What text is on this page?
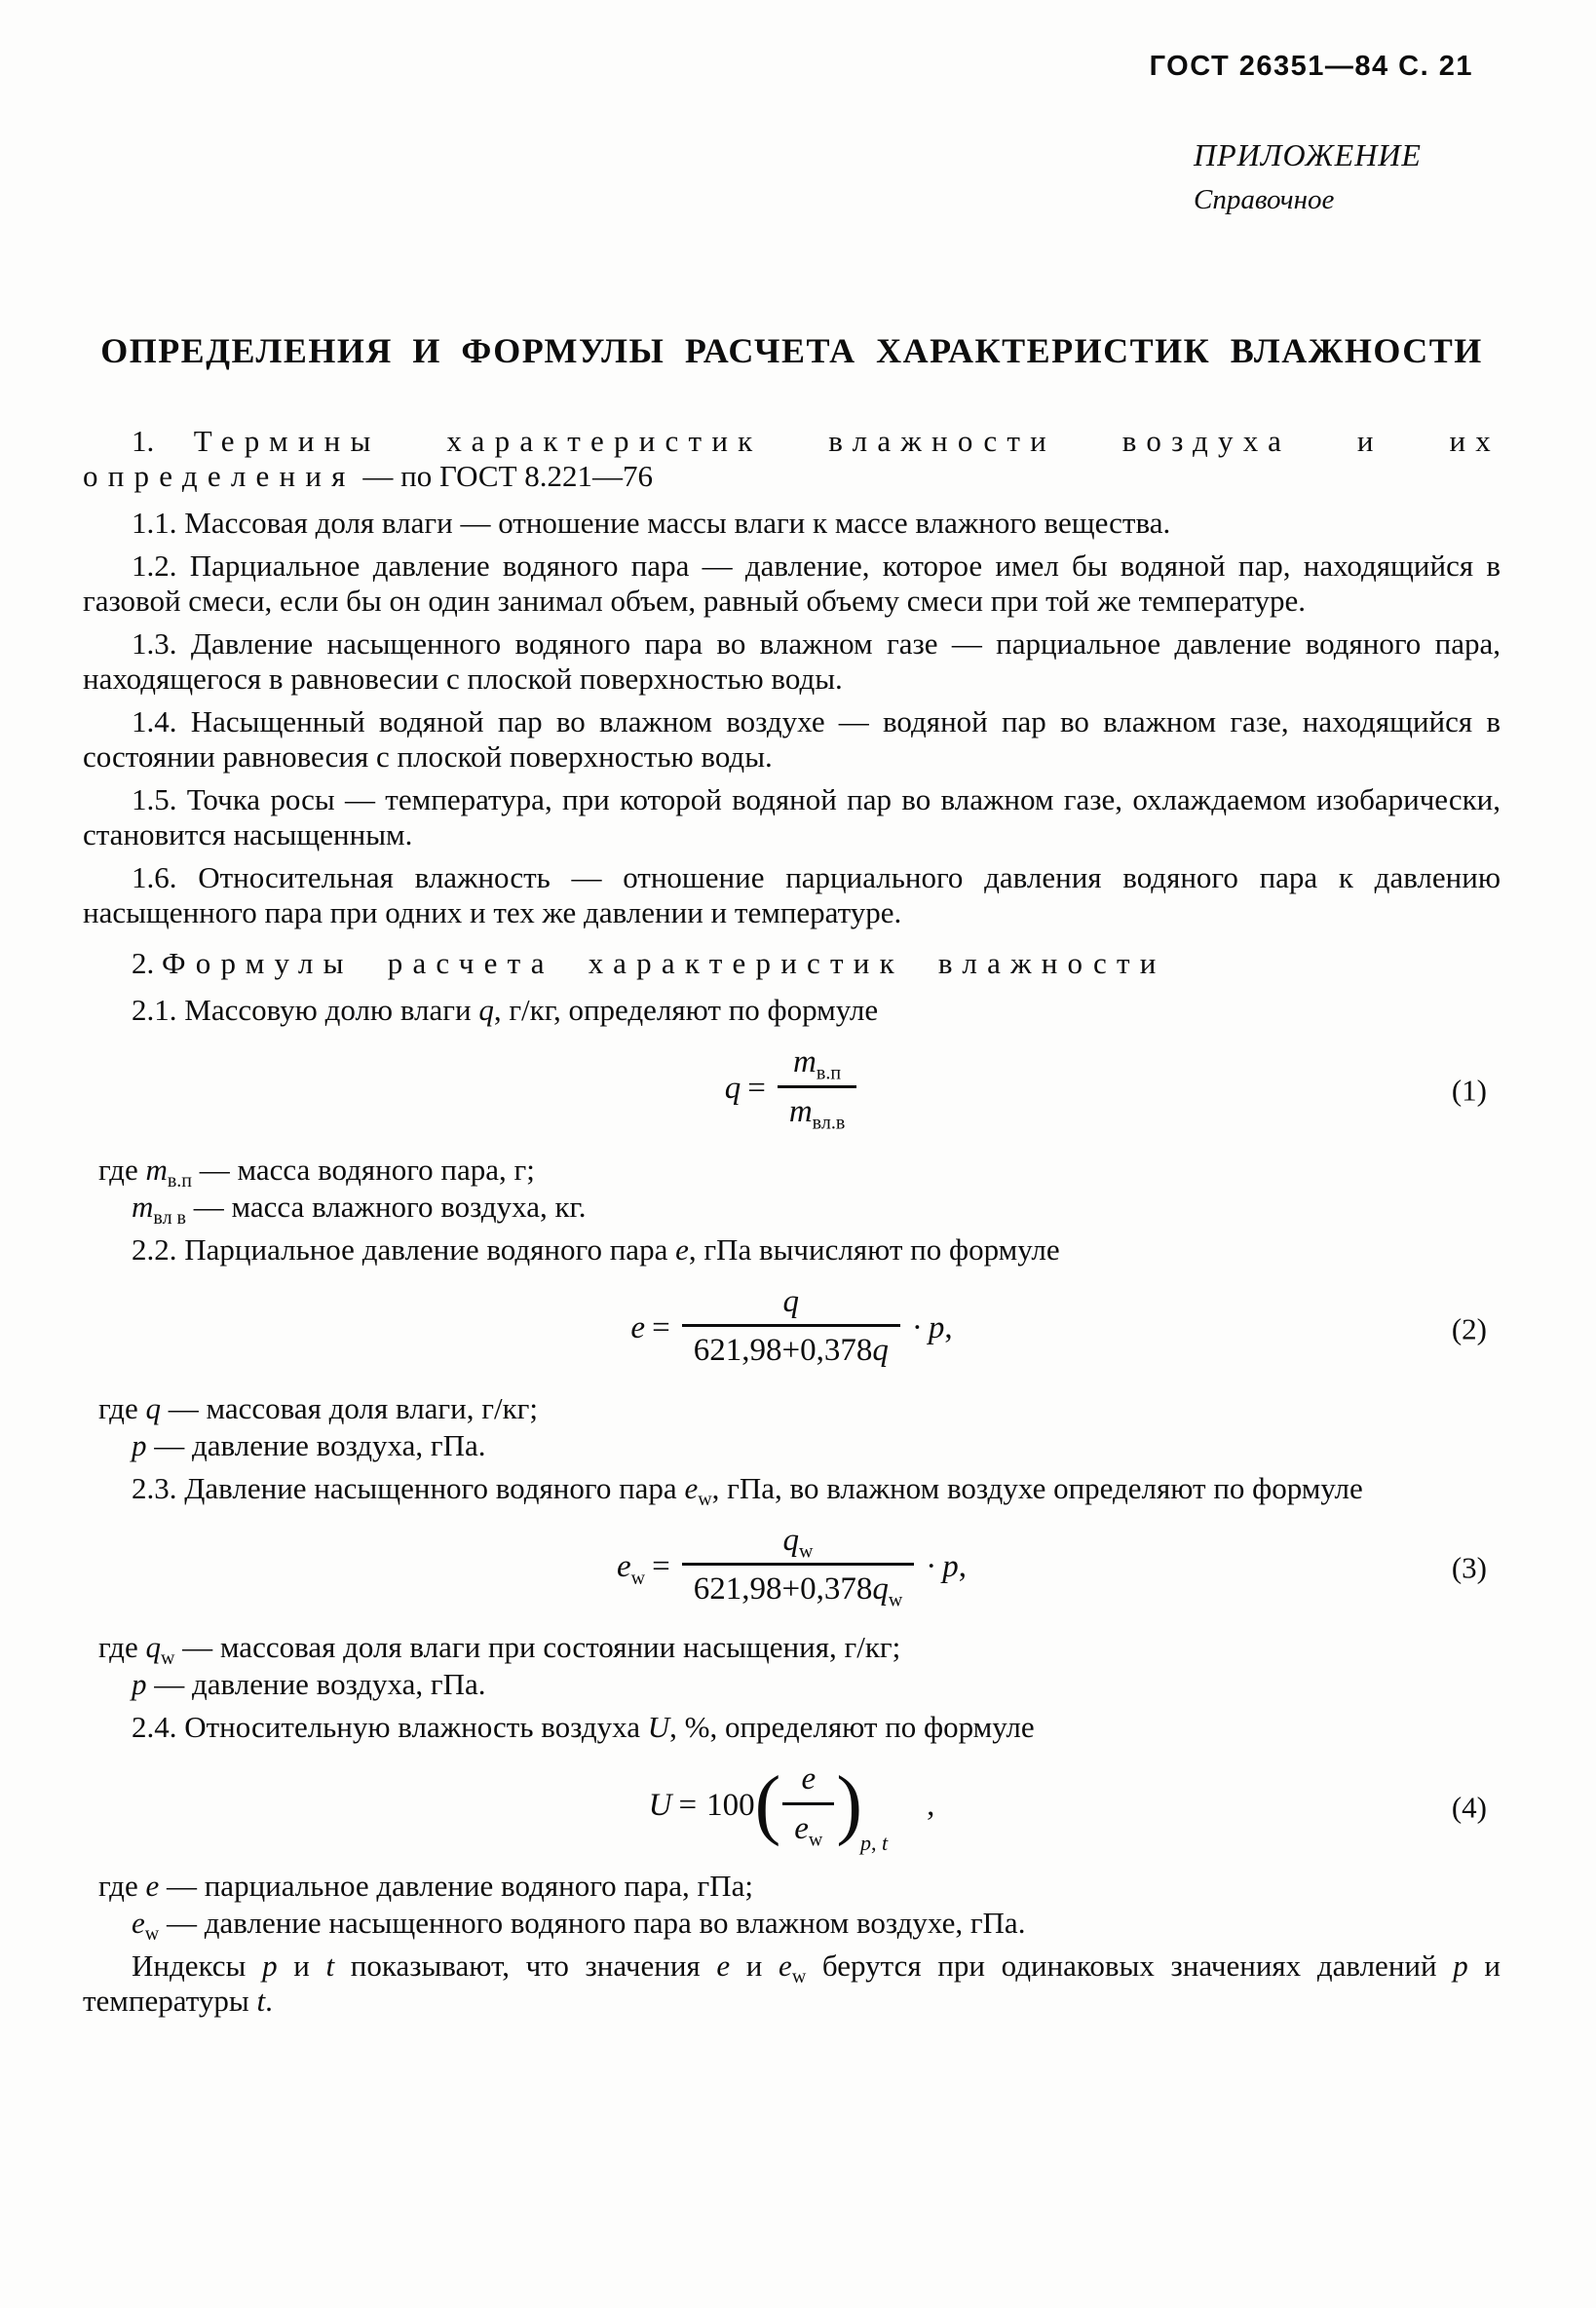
ГОСТ 26351—84 С. 21
ПРИЛОЖЕНИЕ
Справочное
ОПРЕДЕЛЕНИЯ И ФОРМУЛЫ РАСЧЕТА ХАРАКТЕРИСТИК ВЛАЖНОСТИ

1. Термины характеристик влажности воздуха и их определения — по ГОСТ 8.221—76

1.1. Массовая доля влаги — отношение массы влаги к массе влажного вещества.

1.2. Парциальное давление водяного пара — давление, которое имел бы водяной пар, находящийся в газовой смеси, если бы он один занимал объем, равный объему смеси при той же температуре.

1.3. Давление насыщенного водяного пара во влажном газе — парциальное давление водяного пара, находящегося в равновесии с плоской поверхностью воды.

1.4. Насыщенный водяной пар во влажном воздухе — водяной пар во влажном газе, находящийся в состоянии равновесия с плоской поверхностью воды.

1.5. Точка росы — температура, при которой водяной пар во влажном газе, охлаждаемом изобарически, становится насыщенным.

1.6. Относительная влажность — отношение парциального давления водяного пара к давлению насыщенного пара при одних и тех же давлении и температуре.

2. Формулы расчета характеристик влажности

2.1. Массовую долю влаги q, г/кг, определяют по формуле

$q = \frac{m_{в.п}}{m_{вл.в}}$	(1)

где $m_{в.п}$ — масса водяного пара, г;

$m_{вл в}$ — масса влажного воздуха, кг.

2.2. Парциальное давление водяного пара e, гПа вычисляют по формуле

$e = \frac{q}{621,98+0,378q} \cdot p$,	(2)

где q — массовая доля влаги, г/кг;

p — давление воздуха, гПа.

2.3. Давление насыщенного водяного пара $e_w$, гПа, во влажном воздухе определяют по формуле

$e_w = \frac{q_w}{621,98+0,378q_w} \cdot p$,	(3)

где $q_w$ — массовая доля влаги при состоянии насыщения, г/кг;

p — давление воздуха, гПа.

2.4. Относительную влажность воздуха U, %, определяют по формуле

$U = 100( \frac{e}{e_w} )p$, t,	(4)

где e — парциальное давление водяного пара, гПа;

$e_w$ — давление насыщенного водяного пара во влажном воздухе, гПа.

Индексы p и t показывают, что значения e и $e_w$ берутся при одинаковых значениях давлений p и температуры t.
